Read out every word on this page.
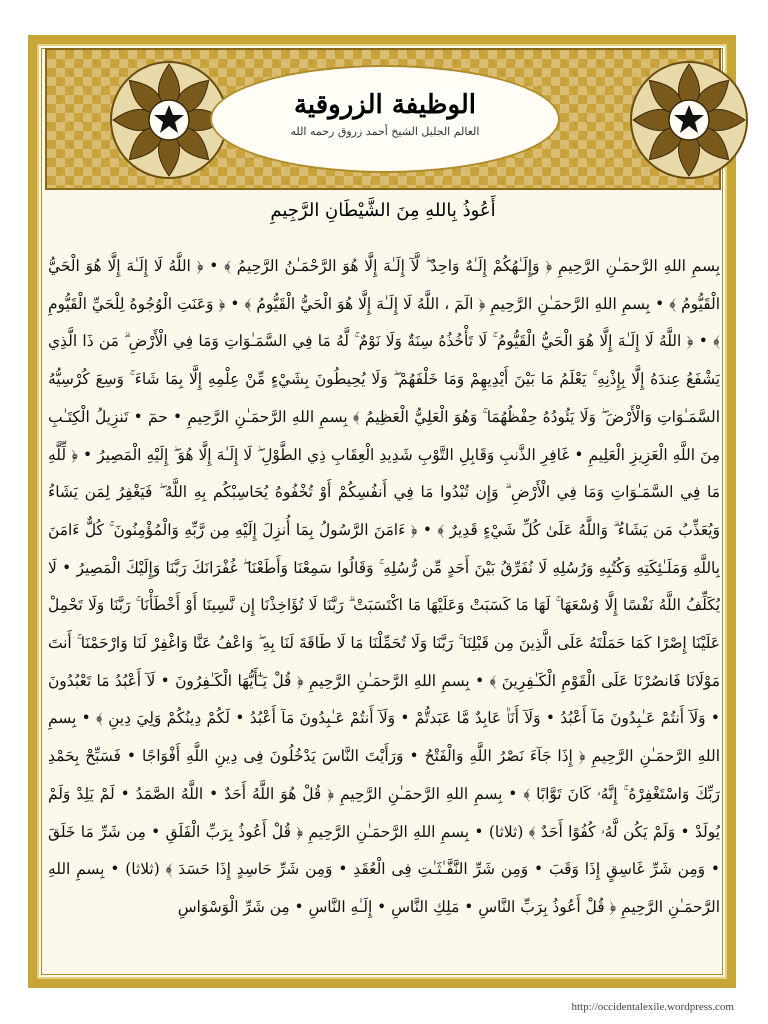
الوظيفة الزروقية
العالم الجليل الشيخ أحمد زروق رحمه الله
أَعُوذُ بِاللهِ مِنَ الشَّيْطَانِ الرَّجِيمِ
بِسمِ اللهِ الرَّحمَـٰنِ الرَّحِيمِ ﴿ وَإِلَـٰهُكُمْ إِلَـٰهٌ وَاحِدٌ ۖ لَّآ إِلَـٰهَ إِلَّا هُوَ الرَّحْمَـٰنُ الرَّحِيمُ ﴾ • ﴿ اللَّهُ لَا إِلَـٰهَ إِلَّا هُوَ الْحَيُّ الْقَيُّومُ ﴾ • بِسمِ اللهِ الرَّحمَـٰنِ الرَّحِيمِ ﴿ الٓمٓ ، اللَّهُ لَا إِلَـٰهَ إِلَّا هُوَ الْحَيُّ الْقَيُّومُ ﴾ • ﴿ وَعَنَتِ الْوُجُوهُ لِلْحَيِّ الْقَيُّومِ ﴾ • ﴿ اللَّهُ لَا إِلَـٰهَ إِلَّا هُوَ الْحَيُّ الْقَيُّومُ ۚ لَا تَأْخُذُهُ سِنَةٌ وَلَا نَوْمٌ ۚ لَّهُ مَا فِي السَّمَـٰوَاتِ وَمَا فِي الْأَرْضِ ۗ مَن ذَا الَّذِي يَشْفَعُ عِندَهُ إِلَّا بِإِذْنِهِ ۚ يَعْلَمُ مَا بَيْنَ أَيْدِيهِمْ وَمَا خَلْفَهُمْ ۖ وَلَا يُحِيطُونَ بِشَيْءٍ مِّنْ عِلْمِهِ إِلَّا بِمَا شَاءَ ۚ وَسِعَ كُرْسِيُّهُ السَّمَـٰوَاتِ وَالْأَرْضَ ۖ وَلَا يَئُودُهُ حِفْظُهُمَا ۚ وَهُوَ الْعَلِيُّ الْعَظِيمُ ﴾ بِسمِ اللهِ الرَّحمَـٰنِ الرَّحِيمِ • حمٓ • تَنزِيلُ الْكِتَـٰبِ مِنَ اللَّهِ الْعَزِيزِ الْعَلِيمِ • غَافِرِ الذَّنبِ وَقَابِلِ التَّوْبِ شَدِيدِ الْعِقَابِ ذِي الطَّوْلِ ۖ لَا إِلَـٰهَ إِلَّا هُوَ ۖ إِلَيْهِ الْمَصِيرُ • ﴿ لِّلَّهِ مَا فِي السَّمَـٰوَاتِ وَمَا فِي الْأَرْضِ ۗ وَإِن تُبْدُوا مَا فِي أَنفُسِكُمْ أَوْ تُخْفُوهُ يُحَاسِبْكُم بِهِ اللَّهُ ۖ فَيَغْفِرُ لِمَن يَشَاءُ وَيُعَذِّبُ مَن يَشَاءُ ۗ وَاللَّهُ عَلَىٰ كُلِّ شَيْءٍ قَدِيرٌ ﴾ • ﴿ ءَامَنَ الرَّسُولُ بِمَا أُنزِلَ إِلَيْهِ مِن رَّبِّهِ وَالْمُؤْمِنُونَ ۚ كُلٌّ ءَامَنَ بِاللَّهِ وَمَلَـٰئِكَتِهِ وَكُتُبِهِ وَرُسُلِهِ لَا نُفَرِّقُ بَيْنَ أَحَدٍ مِّن رُّسُلِهِ ۚ وَقَالُوا سَمِعْنَا وَأَطَعْنَا ۖ غُفْرَانَكَ رَبَّنَا وَإِلَيْكَ الْمَصِيرُ • لَا يُكَلِّفُ اللَّهُ نَفْسًا إِلَّا وُسْعَهَا ۚ لَهَا مَا كَسَبَتْ وَعَلَيْهَا مَا اكْتَسَبَتْ ۗ رَبَّنَا لَا تُؤَاخِذْنَا إِن نَّسِينَا أَوْ أَخْطَأْنَا ۚ رَبَّنَا وَلَا تَحْمِلْ عَلَيْنَا إِصْرًا كَمَا حَمَلْتَهُ عَلَى الَّذِينَ مِن قَبْلِنَا ۚ رَبَّنَا وَلَا تُحَمِّلْنَا مَا لَا طَاقَةَ لَنَا بِهِ ۖ وَاعْفُ عَنَّا وَاغْفِرْ لَنَا وَارْحَمْنَا ۚ أَنتَ مَوْلَانَا فَانصُرْنَا عَلَى الْقَوْمِ الْكَـٰفِرِينَ ﴾ • بِسمِ اللهِ الرَّحمَـٰنِ الرَّحِيمِ ﴿ قُلْ يَـٰٓأَيُّهَا الْكَـٰفِرُونَ • لَآ أَعْبُدُ مَا تَعْبُدُونَ • وَلَآ أَنتُمْ عَـٰبِدُونَ مَآ أَعْبُدُ • وَلَآ أَنَا۠ عَابِدٌ مَّا عَبَدتُّمْ • وَلَآ أَنتُمْ عَـٰبِدُونَ مَآ أَعْبُدُ • لَكُمْ دِينُكُمْ وَلِيَ دِينِ ﴾ • بِسمِ اللهِ الرَّحمَـٰنِ الرَّحِيمِ ﴿ إِذَا جَآءَ نَصْرُ اللَّهِ وَالْفَتْحُ • وَرَأَيْتَ النَّاسَ يَدْخُلُونَ فِى دِينِ اللَّهِ أَفْوَاجًا • فَسَبِّحْ بِحَمْدِ رَبِّكَ وَاسْتَغْفِرْهُ ۚ إِنَّهُۥ كَانَ تَوَّابًا ﴾ • بِسمِ اللهِ الرَّحمَـٰنِ الرَّحِيمِ ﴿ قُلْ هُوَ اللَّهُ أَحَدٌ • اللَّهُ الصَّمَدُ • لَمْ يَلِدْ وَلَمْ يُولَدْ • وَلَمْ يَكُن لَّهُۥ كُفُوًا أَحَدٌ ﴾ (ثلاثا) • بِسمِ اللهِ الرَّحمَـٰنِ الرَّحِيمِ ﴿ قُلْ أَعُوذُ بِرَبِّ الْفَلَقِ • مِن شَرِّ مَا خَلَقَ • وَمِن شَرِّ غَاسِقٍ إِذَا وَقَبَ • وَمِن شَرِّ النَّفَّـٰثَـٰتِ فِى الْعُقَدِ • وَمِن شَرِّ حَاسِدٍ إِذَا حَسَدَ ﴾ (ثلاثا) • بِسمِ اللهِ الرَّحمَـٰنِ الرَّحِيمِ ﴿ قُلْ أَعُوذُ بِرَبِّ النَّاسِ • مَلِكِ النَّاسِ • إِلَـٰهِ النَّاسِ • مِن شَرِّ الْوَسْوَاسِ
http://occidentalexile.wordpress.com
